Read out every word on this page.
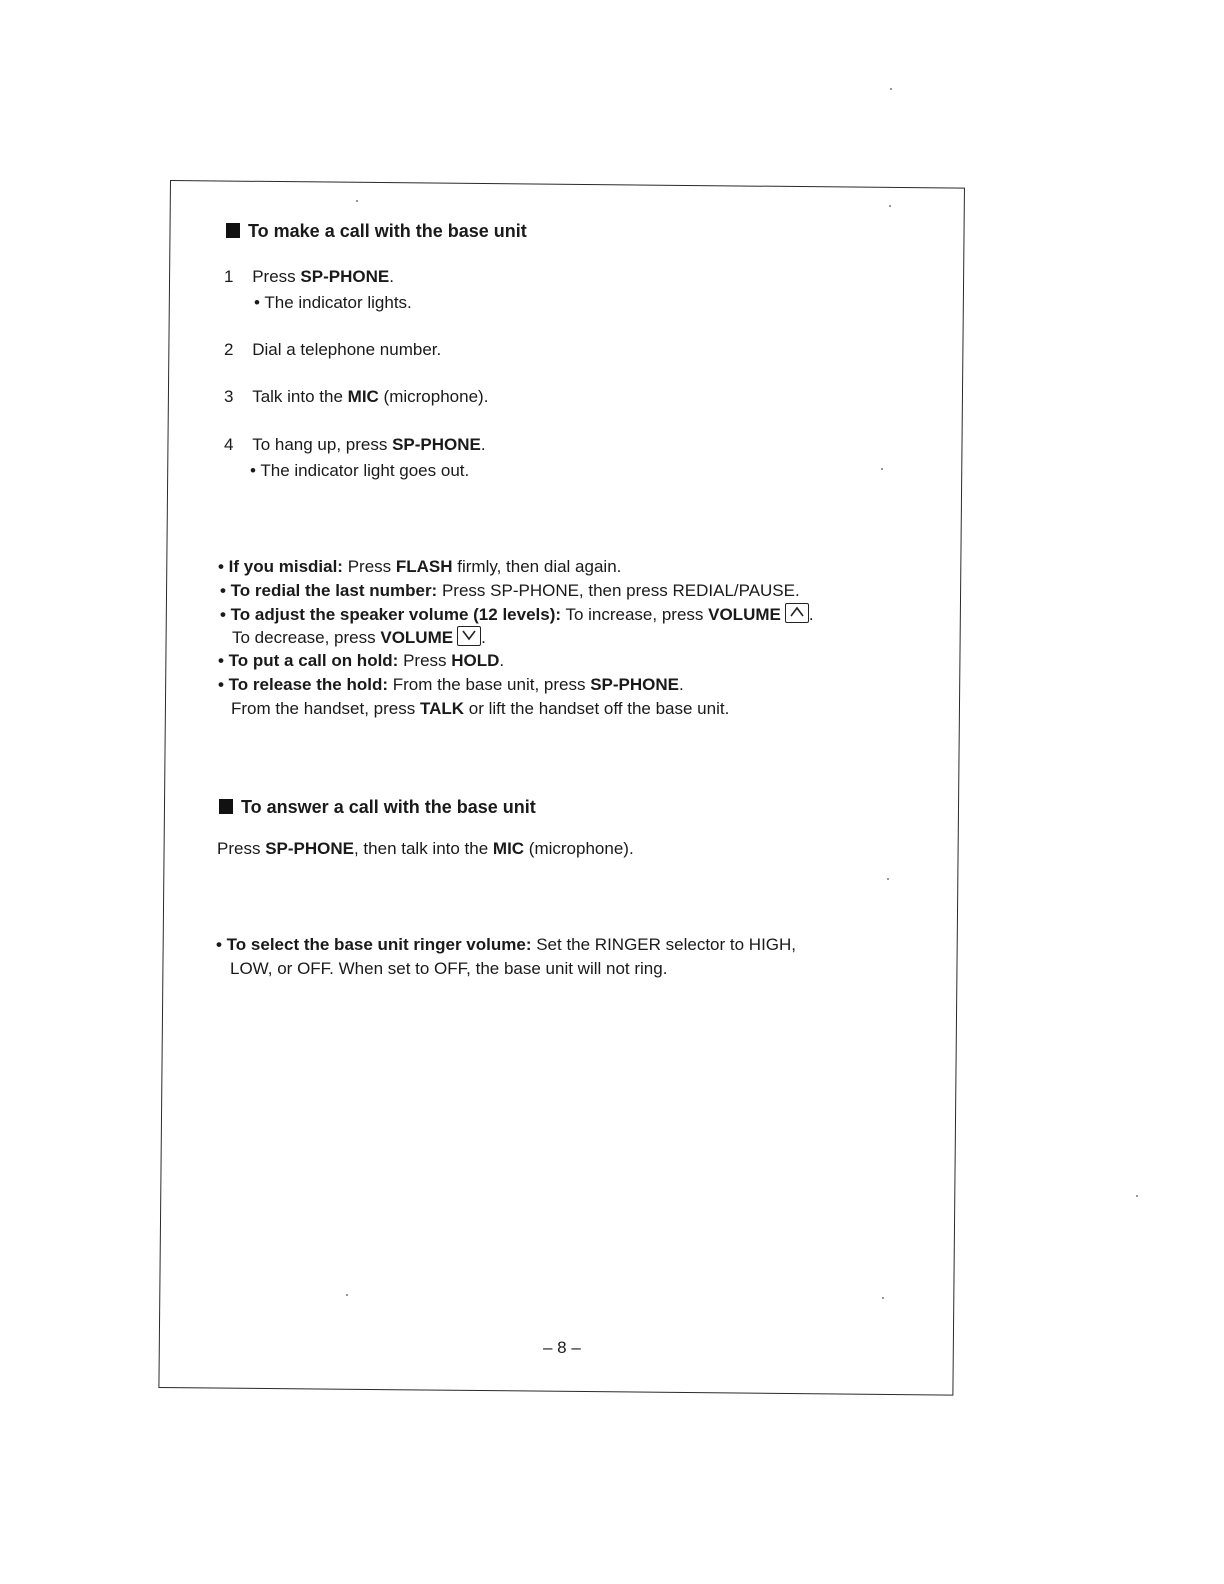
To make a call with the base unit
1 Press SP-PHONE.
• The indicator lights.
2 Dial a telephone number.
3 Talk into the MIC (microphone).
4 To hang up, press SP-PHONE.
• The indicator light goes out.
• If you misdial: Press FLASH firmly, then dial again.
• To redial the last number: Press SP-PHONE, then press REDIAL/PAUSE.
• To adjust the speaker volume (12 levels): To increase, press VOLUME .
To decrease, press VOLUME .
• To put a call on hold: Press HOLD.
• To release the hold: From the base unit, press SP-PHONE.
From the handset, press TALK or lift the handset off the base unit.
To answer a call with the base unit
Press SP-PHONE, then talk into the MIC (microphone).
• To select the base unit ringer volume: Set the RINGER selector to HIGH,
LOW, or OFF. When set to OFF, the base unit will not ring.
– 8 –
